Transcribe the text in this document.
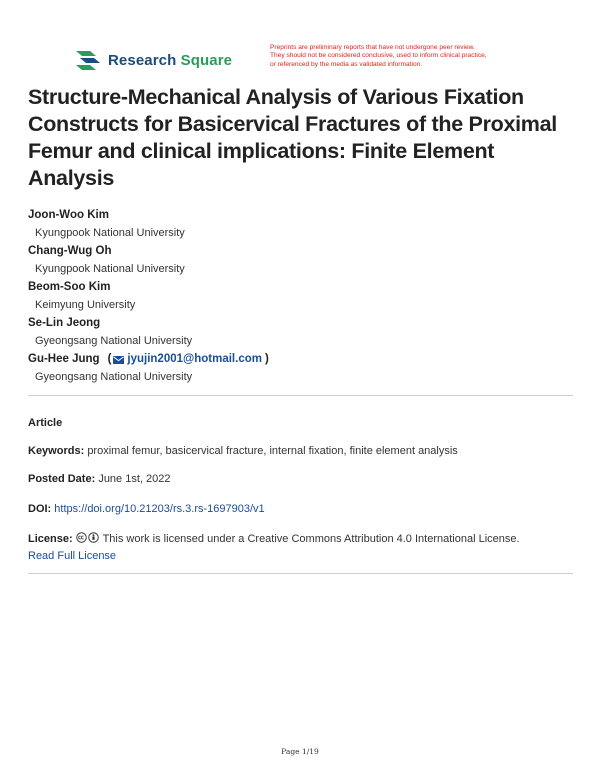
Research Square
Preprints are preliminary reports that have not undergone peer review.
They should not be considered conclusive, used to inform clinical practice,
or referenced by the media as validated information.
Structure-Mechanical Analysis of Various Fixation Constructs for Basicervical Fractures of the Proximal Femur and clinical implications: Finite Element Analysis
Joon-Woo Kim
Kyungpook National University
Chang-Wug Oh
Kyungpook National University
Beom-Soo Kim
Keimyung University
Se-Lin Jeong
Gyeongsang National University
Gu-Hee Jung ( jyujin2001@hotmail.com )
Gyeongsang National University
Article
Keywords: proximal femur, basicervical fracture, internal fixation, finite element analysis
Posted Date: June 1st, 2022
DOI: https://doi.org/10.21203/rs.3.rs-1697903/v1
License:	This work is licensed under a Creative Commons Attribution 4.0 International License.
Read Full License
Page 1/19
